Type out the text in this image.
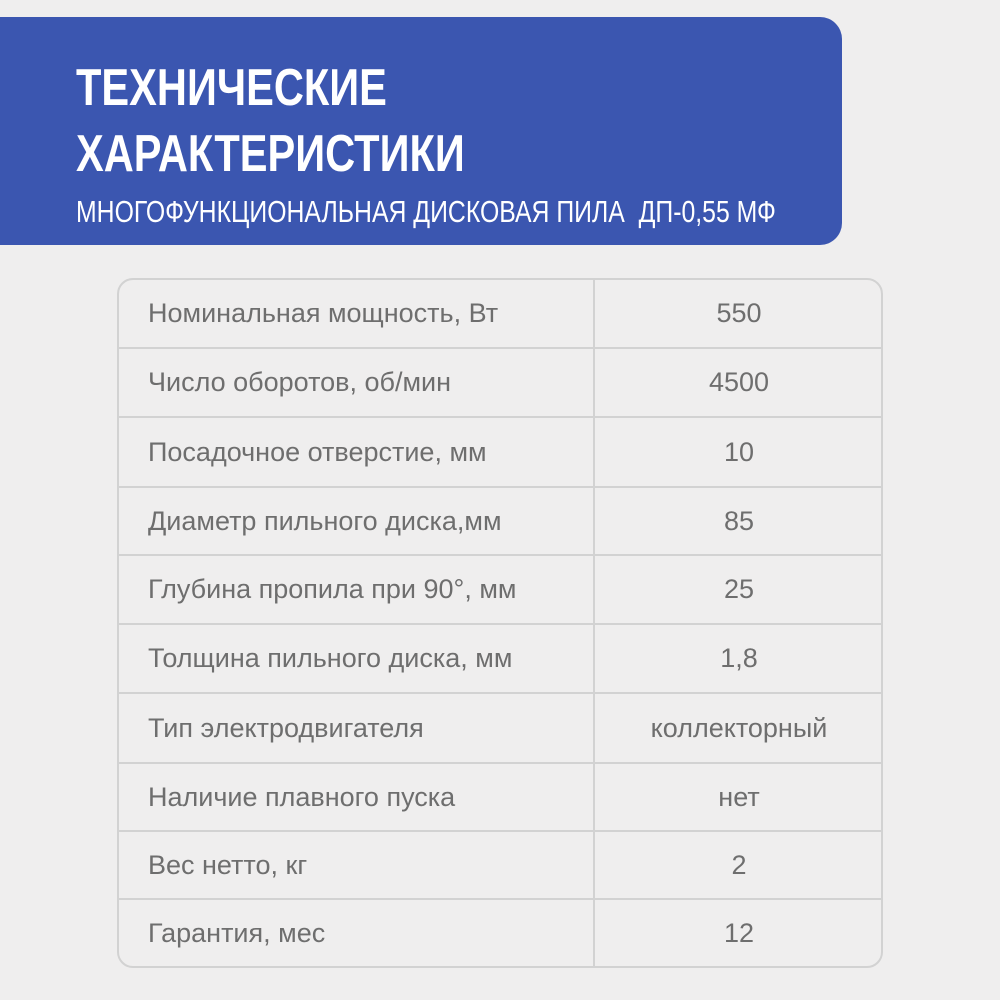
ТЕХНИЧЕСКИЕ
ХАРАКТЕРИСТИКИ
МНОГОФУНКЦИОНАЛЬНАЯ ДИСКОВАЯ ПИЛА  ДП-0,55 МФ
Номинальная мощность, Вт	550
Число оборотов, об/мин	4500
Посадочное отверстие, мм	10
Диаметр пильного диска,мм	85
Глубина пропила при 90°, мм	25
Толщина пильного диска, мм	1,8
Тип электродвигателя	коллекторный
Наличие плавного пуска	нет
Вес нетто, кг	2
Гарантия, мес	12
